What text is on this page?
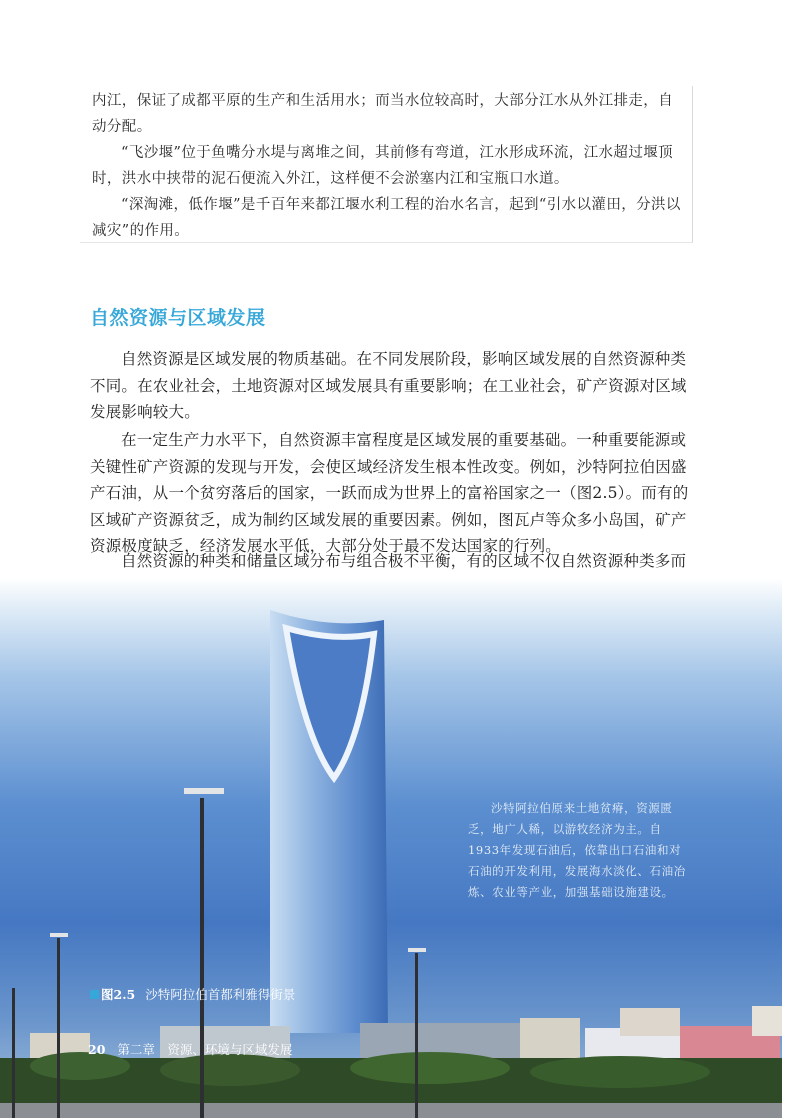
内江，保证了成都平原的生产和生活用水；而当水位较高时，大部分江水从外江排走，自动分配。

“飞沙堰”位于鱼嘴分水堤与离堆之间，其前修有弯道，江水形成环流，江水超过堰顶时，洪水中挟带的泥石便流入外江，这样便不会淤塞内江和宝瓶口水道。

“深淘滩，低作堰”是千百年来都江堰水利工程的治水名言，起到“引水以灌田，分洪以减灾”的作用。

自然资源与区域发展

自然资源是区域发展的物质基础。在不同发展阶段，影响区域发展的自然资源种类不同。在农业社会，土地资源对区域发展具有重要影响；在工业社会，矿产资源对区域发展影响较大。

在一定生产力水平下，自然资源丰富程度是区域发展的重要基础。一种重要能源或关键性矿产资源的发现与开发，会使区域经济发生根本性改变。例如，沙特阿拉伯因盛产石油，从一个贫穷落后的国家，一跃而成为世界上的富裕国家之一（图2.5）。而有的区域矿产资源贫乏，成为制约区域发展的重要因素。例如，图瓦卢等众多小岛国，矿产资源极度缺乏，经济发展水平低，大部分处于最不发达国家的行列。

自然资源的种类和储量区域分布与组合极不平衡，有的区域不仅自然资源种类多而

沙特阿拉伯原来土地贫瘠，资源匮乏，地广人稀，以游牧经济为主。自1933年发现石油后，依靠出口石油和对石油的开发利用，发展海水淡化、石油冶炼、农业等产业，加强基础设施建设。
图2.5 沙特阿拉伯首都利雅得街景
20 第二章　资源、环境与区域发展
